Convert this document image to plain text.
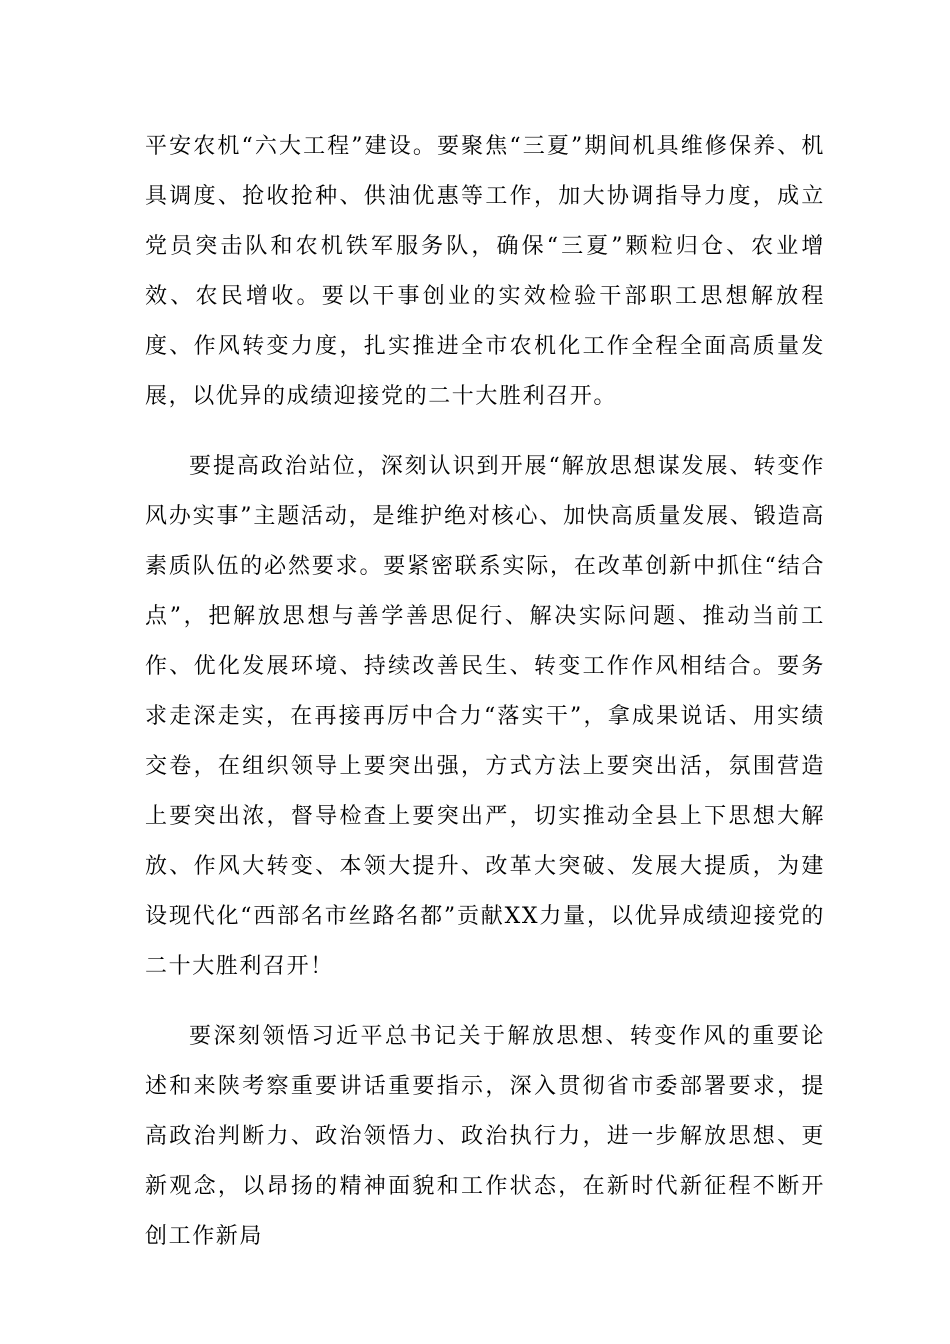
平安农机“六大工程”建设。要聚焦“三夏”期间机具维修保养、机具调度、抢收抢种、供油优惠等工作，加大协调指导力度，成立党员突击队和农机铁军服务队，确保“三夏”颗粒归仓、农业增效、农民增收。要以干事创业的实效检验干部职工思想解放程度、作风转变力度，扎实推进全市农机化工作全程全面高质量发展，以优异的成绩迎接党的二十大胜利召开。

要提高政治站位，深刻认识到开展“解放思想谋发展、转变作风办实事”主题活动，是维护绝对核心、加快高质量发展、锻造高素质队伍的必然要求。要紧密联系实际，在改革创新中抓住“结合点”，把解放思想与善学善思促行、解决实际问题、推动当前工作、优化发展环境、持续改善民生、转变工作作风相结合。要务求走深走实，在再接再厉中合力“落实干”，拿成果说话、用实绩交卷，在组织领导上要突出强，方式方法上要突出活，氛围营造上要突出浓，督导检查上要突出严，切实推动全县上下思想大解放、作风大转变、本领大提升、改革大突破、发展大提质，为建设现代化“西部名市丝路名都”贡献XX力量，以优异成绩迎接党的二十大胜利召开！

要深刻领悟习近平总书记关于解放思想、转变作风的重要论述和来陕考察重要讲话重要指示，深入贯彻省市委部署要求，提高政治判断力、政治领悟力、政治执行力，进一步解放思想、更新观念，以昂扬的精神面貌和工作状态，在新时代新征程不断开创工作新局
